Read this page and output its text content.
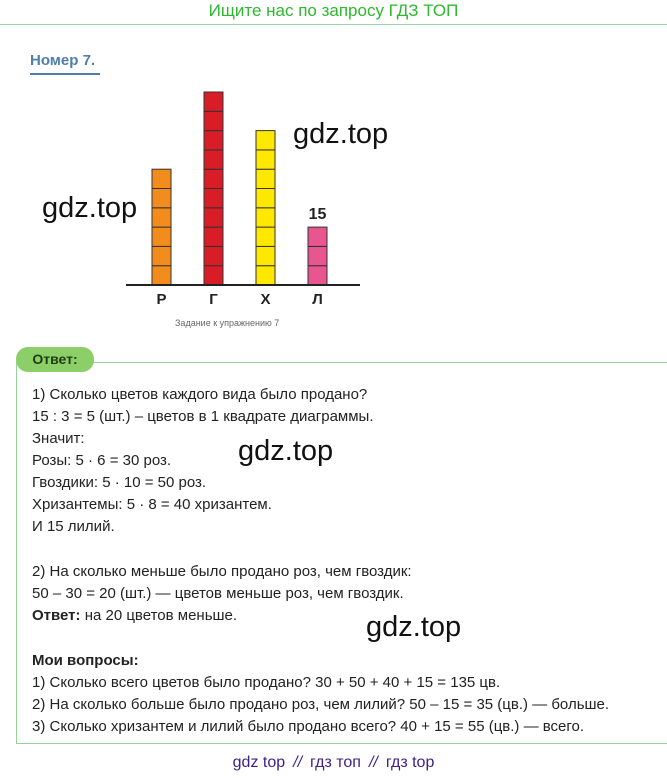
Ищите нас по запросу ГДЗ ТОП
Номер 7.
Р	Г	Х	Л
15
gdz.top
gdz.top
Задание к упражнению 7
Ответ:
1) Сколько цветов каждого вида было продано?
15 : 3 = 5 (шт.) – цветов в 1 квадрате диаграммы.
Значит:
Розы: 5 · 6 = 30 роз.
Гвоздики: 5 · 10 = 50 роз.
Хризантемы: 5 · 8 = 40 хризантем.
И 15 лилий.
2) На сколько меньше было продано роз, чем гвоздик:
50 – 30 = 20 (шт.) — цветов меньше роз, чем гвоздик.
Ответ: на 20 цветов меньше.
Мои вопросы:
1) Сколько всего цветов было продано? 30 + 50 + 40 + 15 = 135 цв.
2) На сколько больше было продано роз, чем лилий? 50 – 15 = 35 (цв.) — больше.
3) Сколько хризантем и лилий было продано всего? 40 + 15 = 55 (цв.) — всего.
gdz.top
gdz.top
gdz top // гдз топ // гдз top
